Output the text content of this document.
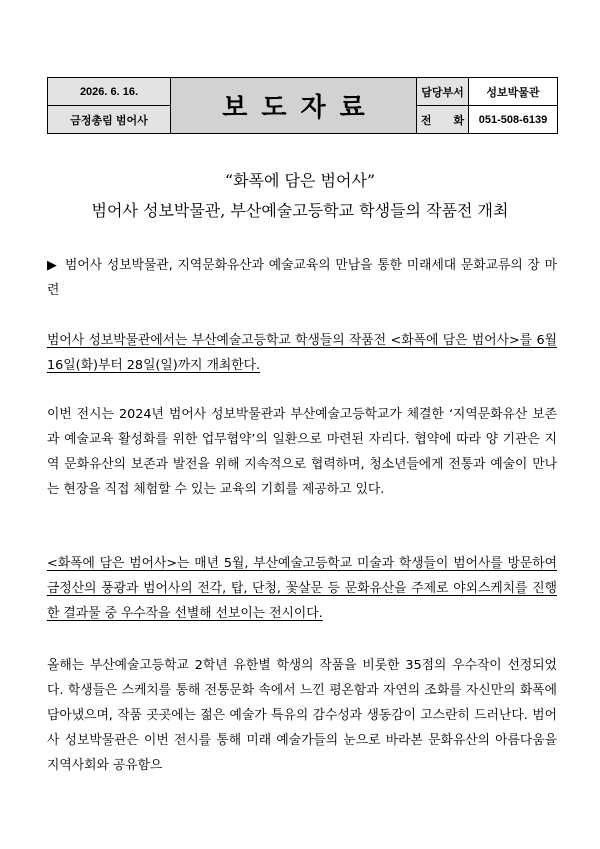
2026. 6. 16.	보도자료	담당부서	성보박물관
금정총림 범어사		전　　화	051-508-6139
“화폭에 담은 범어사”
범어사 성보박물관, 부산예술고등학교 학생들의 작품전 개최

▶ 범어사 성보박물관, 지역문화유산과 예술교육의 만남을 통한 미래세대 문화교류의 장 마련

범어사 성보박물관에서는 부산예술고등학교 학생들의 작품전 <화폭에 담은 범어사>를 6월 16일(화)부터 28일(일)까지 개최한다.

이번 전시는 2024년 범어사 성보박물관과 부산예술고등학교가 체결한 ‘지역문화유산 보존과 예술교육 활성화를 위한 업무협약’의 일환으로 마련된 자리다. 협약에 따라 양 기관은 지역 문화유산의 보존과 발전을 위해 지속적으로 협력하며, 청소년들에게 전통과 예술이 만나는 현장을 직접 체험할 수 있는 교육의 기회를 제공하고 있다.

<화폭에 담은 범어사>는 매년 5월, 부산예술고등학교 미술과 학생들이 범어사를 방문하여 금정산의 풍광과 범어사의 전각, 탑, 단청, 꽃살문 등 문화유산을 주제로 야외스케치를 진행한 결과물 중 우수작을 선별해 선보이는 전시이다.

올해는 부산예술고등학교 2학년 유한별 학생의 작품을 비롯한 35점의 우수작이 선정되었다. 학생들은 스케치를 통해 전통문화 속에서 느낀 평온함과 자연의 조화를 자신만의 화폭에 담아냈으며, 작품 곳곳에는 젊은 예술가 특유의 감수성과 생동감이 고스란히 드러난다. 범어사 성보박물관은 이번 전시를 통해 미래 예술가들의 눈으로 바라본 문화유산의 아름다움을 지역사회와 공유함으
